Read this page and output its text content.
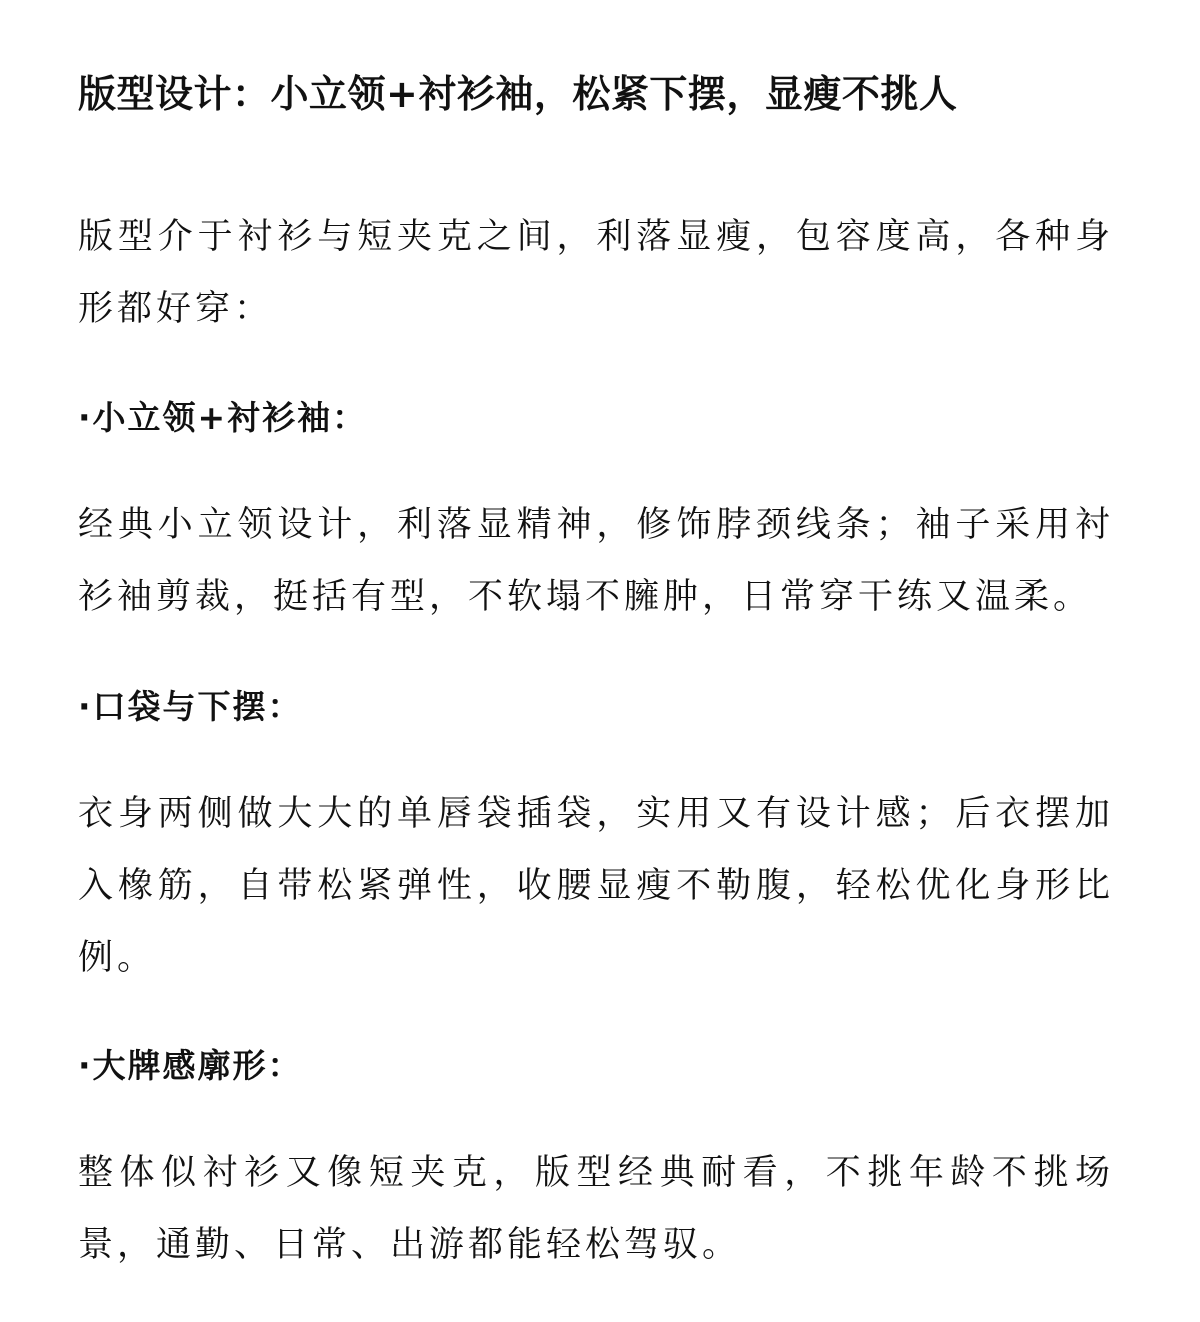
版型设计：小立领+衬衫袖，松紧下摆，显瘦不挑人
版型介于衬衫与短夹克之间，利落显瘦，包容度高，各种身形都好穿：
·小立领+衬衫袖：
经典小立领设计，利落显精神，修饰脖颈线条；袖子采用衬衫袖剪裁，挺括有型，不软塌不臃肿，日常穿干练又温柔。
·口袋与下摆：
衣身两侧做大大的单唇袋插袋，实用又有设计感；后衣摆加入橡筋，自带松紧弹性，收腰显瘦不勒腹，轻松优化身形比例。
·大牌感廓形：
整体似衬衫又像短夹克，版型经典耐看，不挑年龄不挑场景，通勤、日常、出游都能轻松驾驭。
